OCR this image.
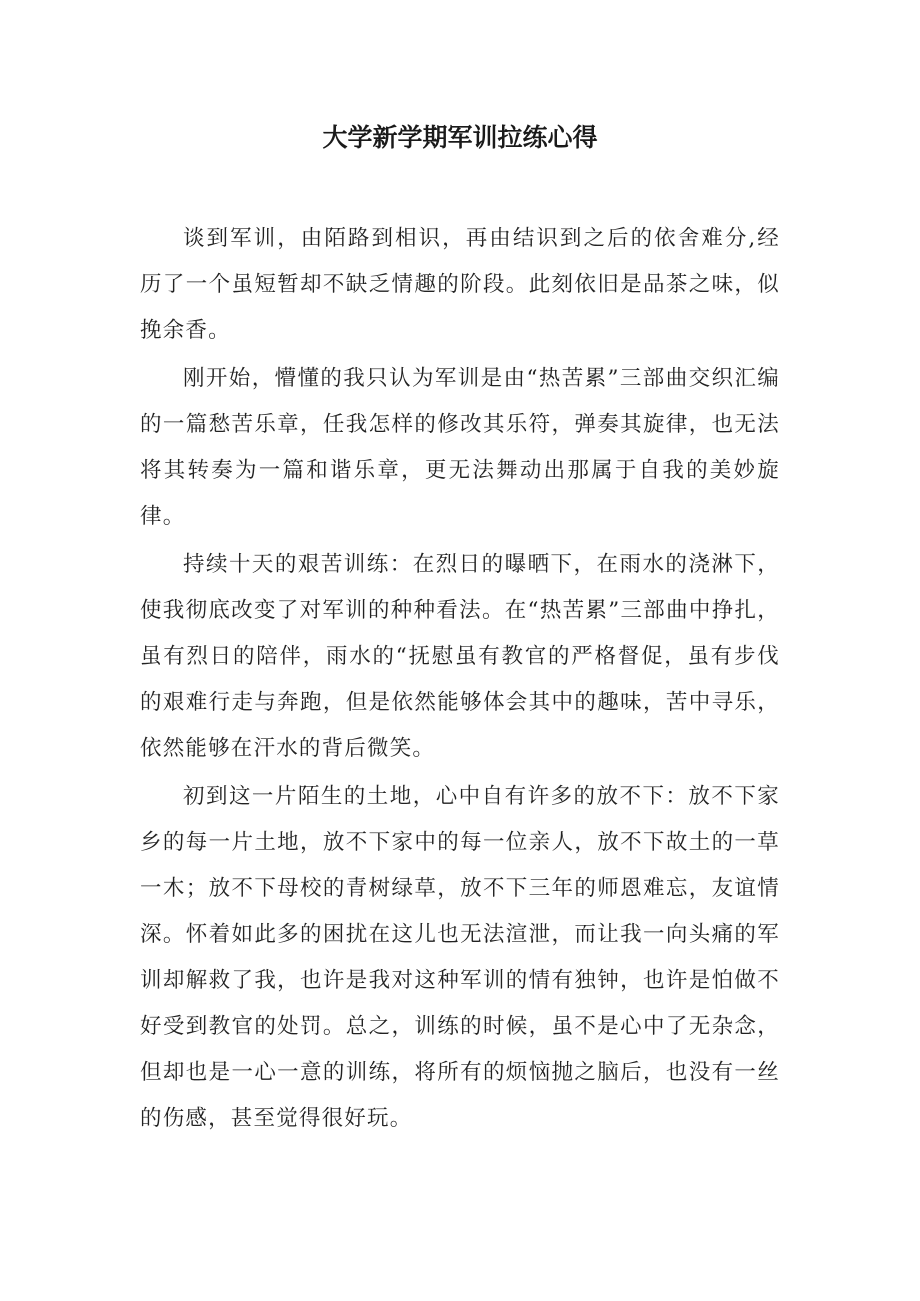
大学新学期军训拉练心得

谈到军训，由陌路到相识，再由结识到之后的依舍难分,经历了一个虽短暂却不缺乏情趣的阶段。此刻依旧是品茶之味，似挽余香。

刚开始，懵懂的我只认为军训是由“热苦累”三部曲交织汇编的一篇愁苦乐章，任我怎样的修改其乐符，弹奏其旋律，也无法将其转奏为一篇和谐乐章，更无法舞动出那属于自我的美妙旋律。

持续十天的艰苦训练：在烈日的曝晒下，在雨水的浇淋下，使我彻底改变了对军训的种种看法。在“热苦累”三部曲中挣扎，虽有烈日的陪伴，雨水的“抚慰虽有教官的严格督促，虽有步伐的艰难行走与奔跑，但是依然能够体会其中的趣味，苦中寻乐，依然能够在汗水的背后微笑。

初到这一片陌生的土地，心中自有许多的放不下：放不下家乡的每一片土地，放不下家中的每一位亲人，放不下故土的一草一木；放不下母校的青树绿草，放不下三年的师恩难忘，友谊情深。怀着如此多的困扰在这儿也无法渲泄，而让我一向头痛的军训却解救了我，也许是我对这种军训的情有独钟，也许是怕做不好受到教官的处罚。总之，训练的时候，虽不是心中了无杂念，但却也是一心一意的训练，将所有的烦恼抛之脑后，也没有一丝的伤感，甚至觉得很好玩。
